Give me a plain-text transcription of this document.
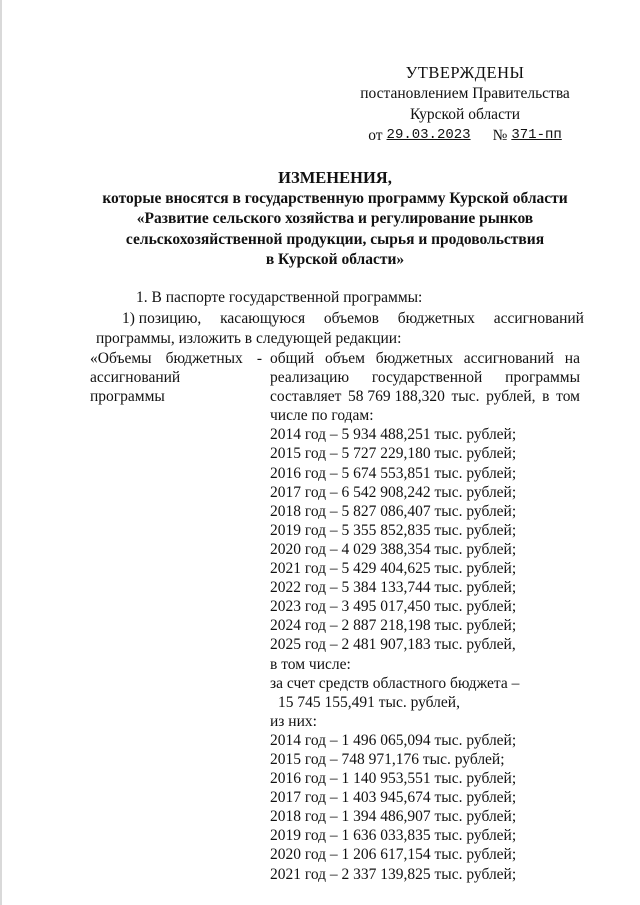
УТВЕРЖДЕНЫ
постановлением Правительства
Курской области
от 29.03.2023 № 371-пп
ИЗМЕНЕНИЯ,
которые вносятся в государственную программу Курской области
«Развитие сельского хозяйства и регулирование рынков
сельскохозяйственной продукции, сырья и продовольствия
в Курской области»
1. В паспорте государственной программы:
1) позицию, касающуюся объемов бюджетных ассигнований
программы, изложить в следующей редакции:
«Объемы бюджетных -
ассигнований
программы
общий объем бюджетных ассигнований на
реализацию государственной программы
составляет 58 769 188,320 тыс. рублей, в том
числе по годам:
2014 год – 5 934 488,251 тыс. рублей;
2015 год – 5 727 229,180 тыс. рублей;
2016 год – 5 674 553,851 тыс. рублей;
2017 год – 6 542 908,242 тыс. рублей;
2018 год – 5 827 086,407 тыс. рублей;
2019 год – 5 355 852,835 тыс. рублей;
2020 год – 4 029 388,354 тыс. рублей;
2021 год – 5 429 404,625 тыс. рублей;
2022 год – 5 384 133,744 тыс. рублей;
2023 год – 3 495 017,450 тыс. рублей;
2024 год – 2 887 218,198 тыс. рублей;
2025 год – 2 481 907,183 тыс. рублей,
в том числе:
за счет средств областного бюджета –
15 745 155,491 тыс. рублей,
из них:
2014 год – 1 496 065,094 тыс. рублей;
2015 год – 748 971,176 тыс. рублей;
2016 год – 1 140 953,551 тыс. рублей;
2017 год – 1 403 945,674 тыс. рублей;
2018 год – 1 394 486,907 тыс. рублей;
2019 год – 1 636 033,835 тыс. рублей;
2020 год – 1 206 617,154 тыс. рублей;
2021 год – 2 337 139,825 тыс. рублей;
